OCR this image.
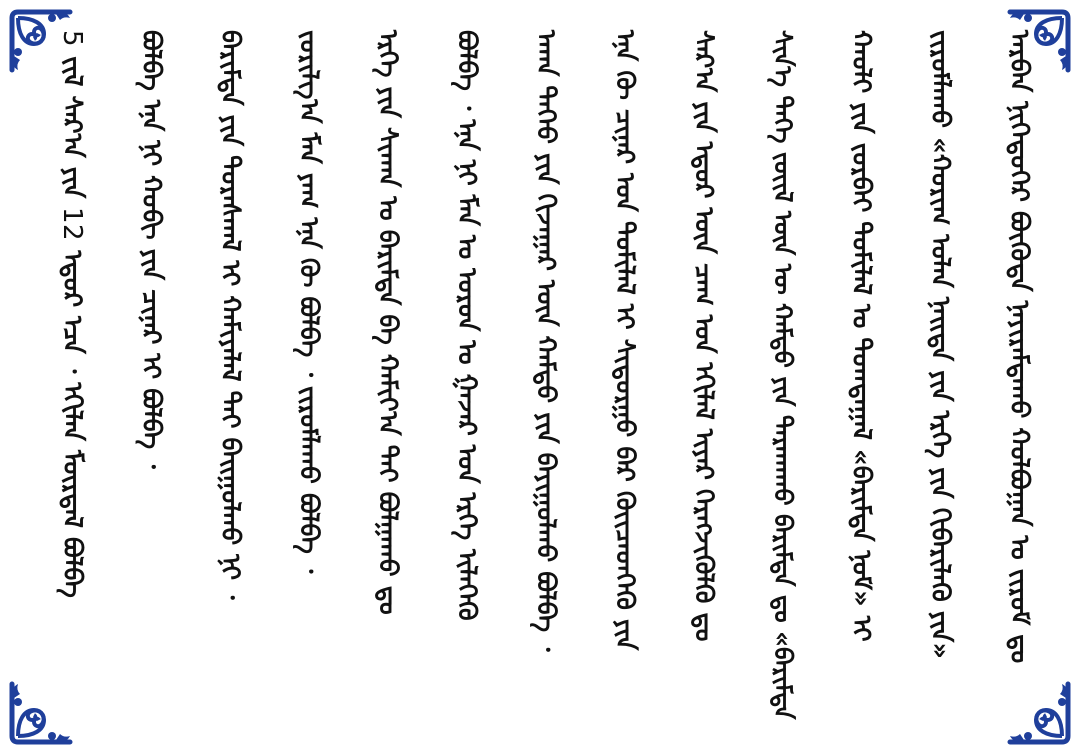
ᠠᠷᠪᠠᠨ ᠨᠢᠭᠡᠳᠦᠭᠡᠷ ᠪᠦᠭᠦᠳᠡ ᠨᠠᠶᠢᠷᠠᠮᠳᠠᠬᠤ ᠬᠣᠯᠪᠣᠭᠠᠨ ᠤ ᠵᠢᠷᠤᠮ ᠳᠤ
ᠵᠢᠷᠤᠮᠯᠠᠬᠤ «ᠬᠣᠷᠢᠭ ᠣᠯᠠᠨ ᠨᠡᠢᠲᠡ ᠶᠢᠨ ᠡᠷᠬᠡ ᠶᠢᠨ ᠬᠢᠪᠡᠷᠢᠯᠡᠬᠦ ᠶᠢᠨ»
ᠬᠠᠤᠯᠢ ᠶᠢᠨ ᠵᠤᠷᠪᠠᠶ ᠲᠣᠮᠢᠯᠠᠯ ᠤ ᠲᠣᠭᠲᠠᠭᠠᠯ «ᠪᠠᠷᠢᠮᠲᠠ ᠨᠣᠮ» ᠢ
ᠰᠢᠨ᠎ᠡ ᠳᠡᠭᠡ ᠵᠦᠢᠯ ᠦᠨ ᠦ ᠬᠠᠮᠲᠤ ᠶᠢᠨ ᠲᠠᠷᠠᠬᠠᠬᠤ ᠪᠠᠷᠢᠮᠲᠠ ᠳᠤ «ᠪᠠᠷᠢᠮᠲᠠ
ᠰᠠᠷ᠎ᠠ ᠶᠢᠨ ᠡᠳᠦᠷ ᠦᠨ ᠴᠠᠭ ᠤᠨ ᠡᠬᠢᠯᠡᠯ ᠢᠶᠠᠷ ᠬᠡᠷᠡᠭᠵᠢᠭᠦᠯᠬᠦ ᠳᠤ
ᠡᠨᠡ ᠬᠦ ᠴᠢᠨᠠᠷ ᠤᠨ ᠲᠣᠮᠢᠯᠠᠯ ᠢ ᠰᠢᠳᠤᠷᠭᠤ ᠪᠠᠷ ᠭᠦᠢᠴᠡᠳᠬᠡᠬᠦ ᠶᠢᠨ
ᠠᠬᠠ ᠳᠡᠭᠡᠦ ᠶᠢᠨ ᠬᠢᠵᠠᠭᠠᠷ ᠦᠨ ᠬᠠᠮᠲᠤ ᠶᠢᠨ ᠪᠠᠶᠢᠭᠤᠯᠬᠤ ᠪᠣᠯᠪᠠ ᠂
ᠪᠣᠯᠪᠠ ᠂ ᠡᠨᠡ ᠨᠢ ᠮᠠᠨ ᠤ ᠣᠷᠣᠨ ᠤ ᠭᠠᠵᠠᠷ ᠤᠨ ᠡᠷᠬᠡ ᠢᠯᠡᠭᠡᠬᠦ
ᠡᠷᠬᠡ ᠶᠢᠨ ᠰᠢᠬᠠᠨ ᠤ ᠪᠠᠷᠢᠮᠲᠠ ᠪᠠ ᠬᠠᠮᠢᠶ᠎ᠠ ᠲᠠᠢ ᠪᠣᠯᠭᠠᠬᠤ ᠳᠤ
ᠵᠣᠷᠢᠯᠭ᠎ᠠ ᠮᠠᠨ ᠶᠠᠭ ᠡᠨᠡ ᠬᠦ ᠪᠣᠯᠪᠠ ᠂ ᠵᠢᠷᠤᠮᠯᠠᠬᠤ ᠪᠣᠯᠪᠠ ᠂
ᠪᠠᠷᠢᠮᠲᠠ ᠶᠢᠨ ᠳᠤᠷᠠᠰᠬᠠᠯ ᠢ ᠬᠠᠮᠢᠶᠠᠯᠠᠯ ᠲᠠᠢ ᠪᠠᠢᠭᠤᠯᠬᠤ ᠨᠢ ᠂
ᠪᠣᠯᠪᠠ ᠡᠨᠡ ᠨᠢ ᠬᠤᠪᠢ ᠶᠢᠨ ᠴᠢᠨᠠᠷ ᠢ ᠪᠣᠯᠪᠠ ᠂
5 ᠵᠢᠯ ᠰᠠᠷ᠎ᠠ ᠶᠢᠨ 12 ᠡᠳᠦᠷ ᠡᠴᠡ ᠂ ᠡᠬᠢᠯᠡᠨ ᠮᠦᠷᠳᠡᠯ ᠪᠣᠯᠪᠠ
